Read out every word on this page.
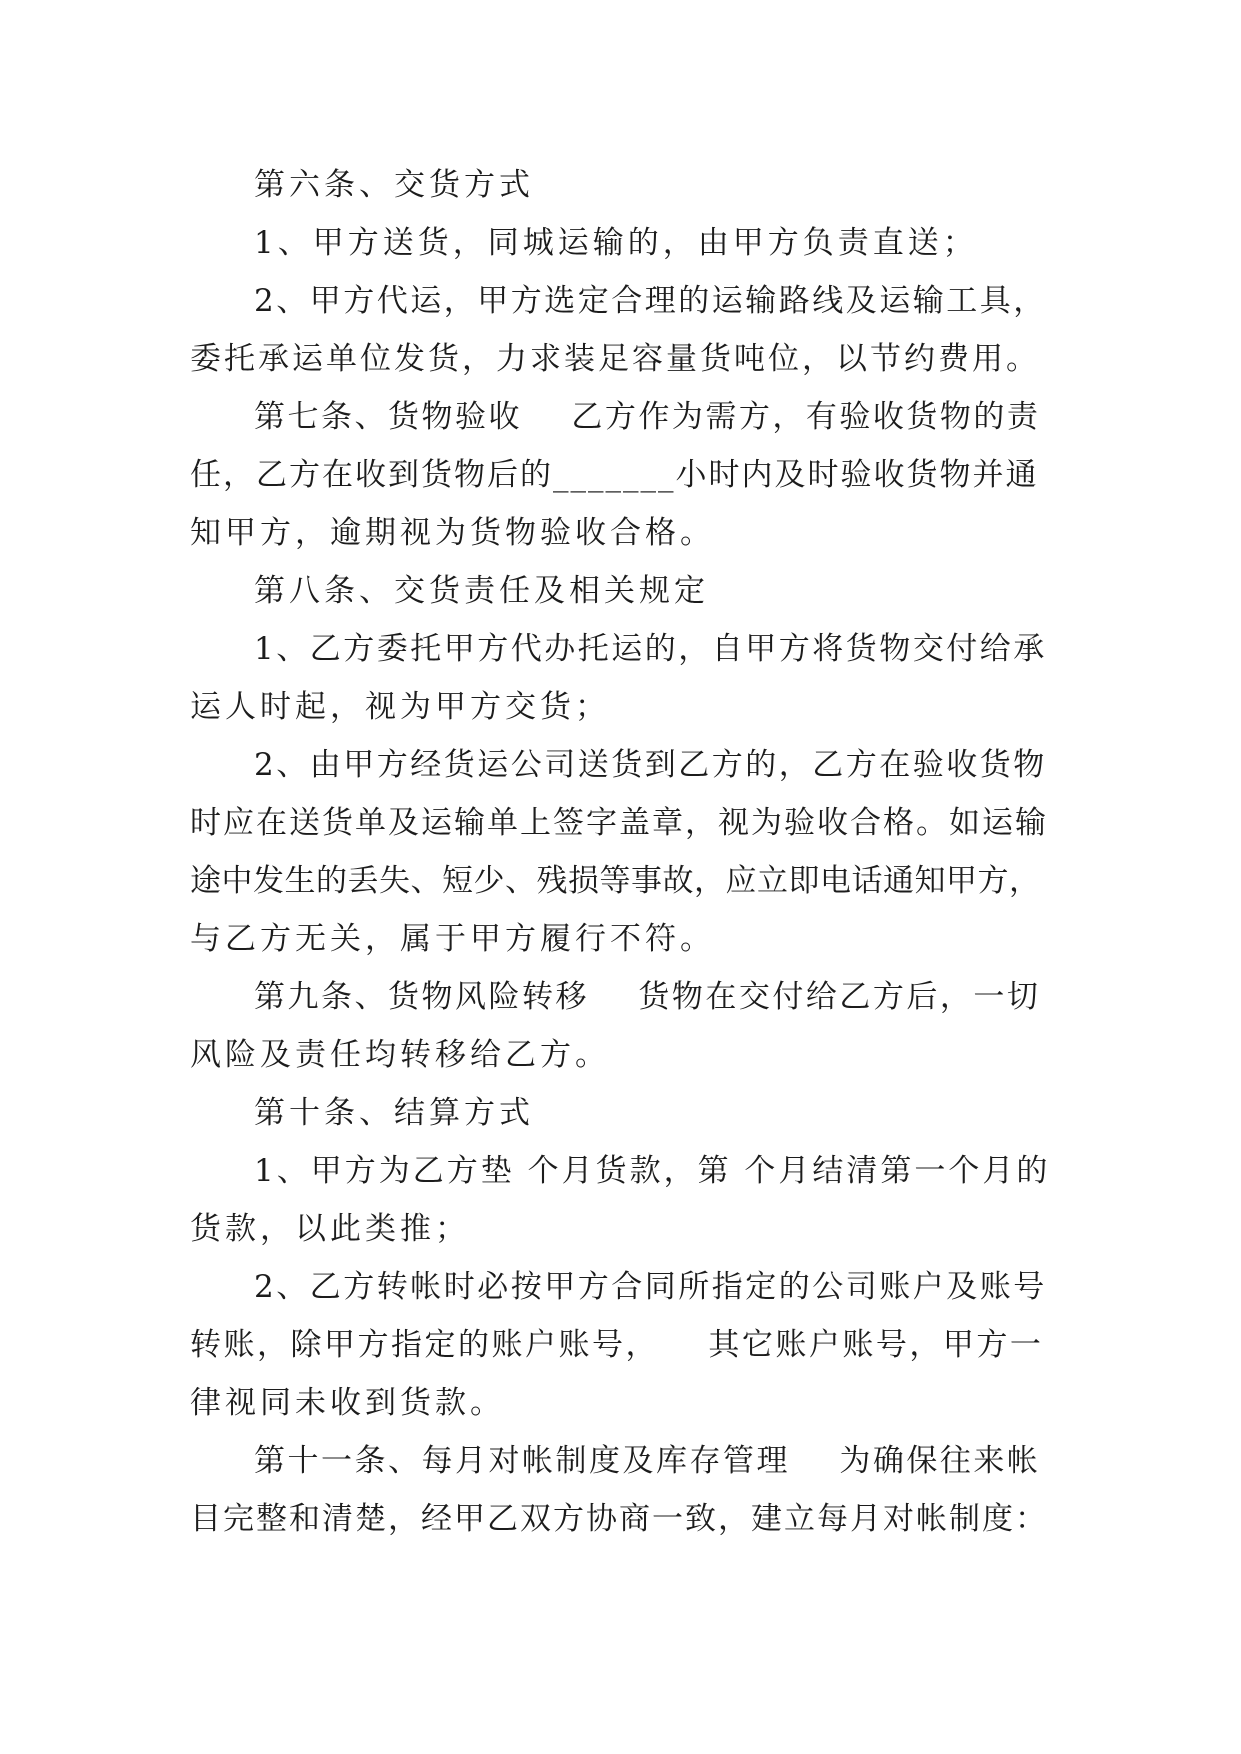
第六条、交货方式

1、甲方送货，同城运输的，由甲方负责直送；

2、甲方代运，甲方选定合理的运输路线及运输工具，

委托承运单位发货，力求装足容量货吨位，以节约费用。

第七条、货物验收    乙方作为需方，有验收货物的责

任，乙方在收到货物后的_______小时内及时验收货物并通

知甲方，逾期视为货物验收合格。

第八条、交货责任及相关规定

1、乙方委托甲方代办托运的，自甲方将货物交付给承

运人时起，视为甲方交货；

2、由甲方经货运公司送货到乙方的，乙方在验收货物

时应在送货单及运输单上签字盖章，视为验收合格。如运输

途中发生的丢失、短少、残损等事故，应立即电话通知甲方，

与乙方无关，属于甲方履行不符。

第九条、货物风险转移    货物在交付给乙方后，一切

风险及责任均转移给乙方。

第十条、结算方式

1、甲方为乙方垫 个月货款，第 个月结清第一个月的

货款，以此类推；

2、乙方转帐时必按甲方合同所指定的公司账户及账号

转账，除甲方指定的账户账号，    其它账户账号，甲方一

律视同未收到货款。

第十一条、每月对帐制度及库存管理    为确保往来帐

目完整和清楚，经甲乙双方协商一致，建立每月对帐制度：
